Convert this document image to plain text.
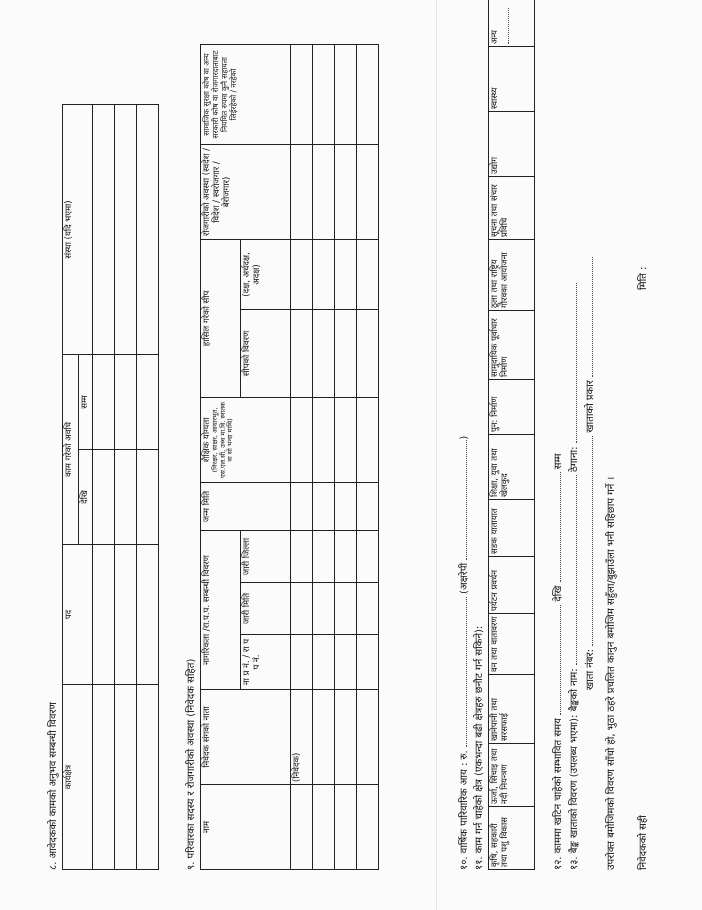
८. आवेदकको कामको अनुभव सम्बन्धी विवरण कार्यक्षेत्र	पद	काम गरेको अवधि		संस्था (यदि भएमा)
		देखि	सम्म	

९. परिवारका सदस्य र रोजगारीको अवस्था (निवेदक सहित) नाम	निवेदक संगको नाता	नागरिकता /रा.प.प. सम्बन्धी विवरण			जन्म मिति	शैक्षिक योग्यता (निरक्षर, साक्षर, आधारभूत, एस.एल.सी, उच्च मा.वि. स्नातक वा सो भन्दा माथि)	हासिल गरेको सीप		रोजगारीको अवस्था (स्वदेश / विदेश / स्वरोजगार / बेरोजगार)	सामाजिक सुरक्षा कोष वा अन्य सरकारी कोष वा रोजगारदाताबाट नियमित रुपमा कुनै सहायता लिईरहेको / नरहेको
		ना प्र नं. / रा प प नं.	जारी मिति	जारी जिल्ला			सीपको विवरण	(दक्ष, अर्धदक्ष, अदक्ष)		
	(निवेदक)									

											१०. वार्षिक पारिवारिक आय : रु.  (अक्षरेपी )
११. काम गर्न चाहेको क्षेत्र (एकभन्दा बढी क्षेत्रहरु छनौट गर्न सकिने): कृषि, सहकारी तथा पशु विकास	ऊर्जा, सिंचाइ तथा नदी नियन्त्रण	खानेपानी तथा सरसफाई	वन तथा वातावरण	पर्यटन प्रवर्धन	सडक यातायात	शिक्षा, युवा तथा खेलकुद	पुन: निर्माण	सामुदायिक पूर्वाधार निर्माण	ठूला तथा राष्ट्रिय गौरवका आयोजना	सूचना तथा संचार प्रविधि	उद्योग	स्वास्थ्य	अन्य

१२. काममा खटिन चाहेको सम्भावित समय  देखि  सम्म
१३. बैङ्क खाताको विवरण (उपलब्ध भएमा): बैङ्कको नाम:  ठेगाना:
खाता नंबर:  खाताको प्रकार
उपरोक्त बमोजिमको विवरण साँचो हो, भुठा ठहरे प्रचलित कानुन बमोजिम सहुँला/बुझाउँला भनी सहिछाप गर्ने । निवेदकको सही
मिति :
